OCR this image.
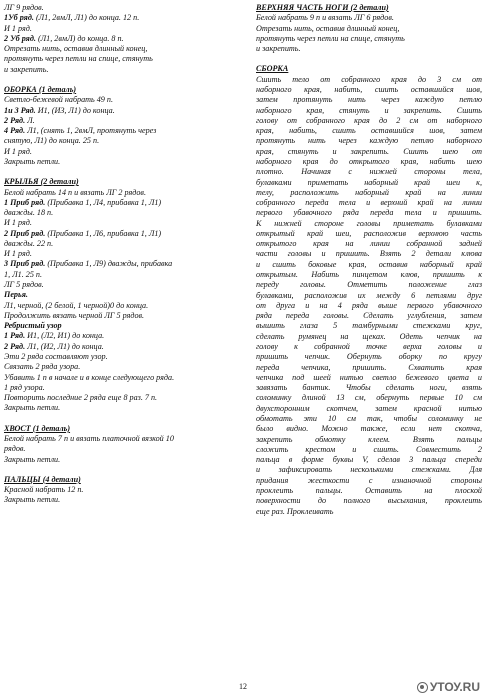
ЛГ 9 рядов.

1Уб ряд. (Л1, 2вмЛ, Л1) до конца. 12 п.

И 1 ряд.

2 Уб ряд. (Л1, 2вмЛ) до конца. 8 п.

Отрезать нить, оставив длинный конец,

протянуть через петли на спице, стянуть

и закрепить.

ОБОРКА (1 деталь)

Светло-бежевой набрать 49 п.

1и 3 Ряд. И1, (ИЗ, Л1) до конца.

2 Ряд. Л.

4 Ряд. Л1, (снять 1, 2вмЛ, протянуть через

снятую, Л1) до конца. 25 п.

И 1 ряд.

Закрыть петли.

КРЫЛЬЯ (2 детали)

Белой набрать 14 п и вязать ЛГ 2 рядов.

1 Приб ряд. (Прибавка 1, Л4, прибавка 1, Л1)

дважды. 18 п.

И 1 ряд.

2 Приб ряд. (Прибавка 1, Л6, прибавка 1, Л1)

дважды. 22 п.

И 1 ряд.

3 Приб ряд. (Прибавка 1, Л9) дважды, прибавка

1, Л1. 25 п.

ЛГ 5 рядов.

Перья.

Л1, черной, (2 белой, 1 черной)0 до конца.

Продолжить вязать черной ЛГ 5 рядов.

Ребристый узор

1 Ряд. И1, (Л2, И1) до конца.

2 Ряд. Л1, (И2, Л1) до конца.

Эти 2 ряда составляют узор.

Связать 2 ряда узора.

Убавить 1 п в начале и в конце следующего ряда.

1 ряд узора.

Повторить последние 2 ряда еще 8 раз. 7 п.

Закрыть петли.

ХВОСТ (1 деталь)

Белой набрать 7 п и вязать платочной вязкой 10

рядов.

Закрыть петли.

ПАЛЬЦЫ (4 детали)

Красной набрать 12 п.

Закрыть петли.

ВЕРХНЯЯ ЧАСТЬ НОГИ (2 детали)

Белой набрать 9 п и вязать ЛГ 6 рядов.

Отрезать нить, оставив длинный конец,

протянуть через петли на спице, стянуть

и закрепить.

СБОРКА

Сшить тело от собранного края до 3 см от

наборного края, набить, сшить оставшийся шов,

затем протянуть нить через каждую петлю

наборного края, стянуть и закрепить. Сшить

голову от собранного края до 2 см от наборного

края, набить, сшить оставшийся шов, затем

протянуть нить через каждую петлю наборного

края, стянуть и закрепить. Сшить шею от

наборного края до открытого края, набить шею

плотно. Начиная с нижней стороны тела,

булавками приметать наборный край шеи к,

телу, расположить наборный край на линии

собранного переда тела и верхний край на линии

первого убавочного ряда переда тела и пришить.

К нижней стороне головы приметать булавками

открытый край шеи, расположив верхнюю часть

открытого края на линии собранной задней

части головы и пришить. Взять 2 детали клюва

и сшить боковые края, оставив наборный край

открытым. Набить пинцетом клюв, пришить к

переду головы. Отметить положение глаз

булавками, расположив их между 6 петлями друг

от друга и на 4 ряда выше первого убавочного

ряда переда головы. Сделать углубления, затем

вышить глаза 5 тамбурными стежками круг,

сделать румянец на щеках. Одеть чепчик на

голову к собранной точке верха головы и

пришить чепчик. Обернуть оборку по кругу

переда чепчика, пришить. Схватить края

чепчика под шеей нитью светло бежевого цвета и

завязать бантик. Чтобы сделать ноги, взять

соломинку длиной 13 см, обернуть первые 10 см

двухсторонним скотчем, затем красной нитью

обмотать эти 10 см так, чтобы соломинку не

было видно. Можно также, если нет скотча,

закрепить обмотку клеем. Взять пальцы

сложить крестом и сшить. Совместить 2

пальца в форме буквы V, сделав 3 пальца спереди

и зафиксировать несколькими стежками. Для

придания жесткости с изнаночной стороны

проклеить пальцы. Оставить на плоской

поверхности до полного высыхания, проклеить

еще раз. Проклеивать

12	УТОУ.RU
